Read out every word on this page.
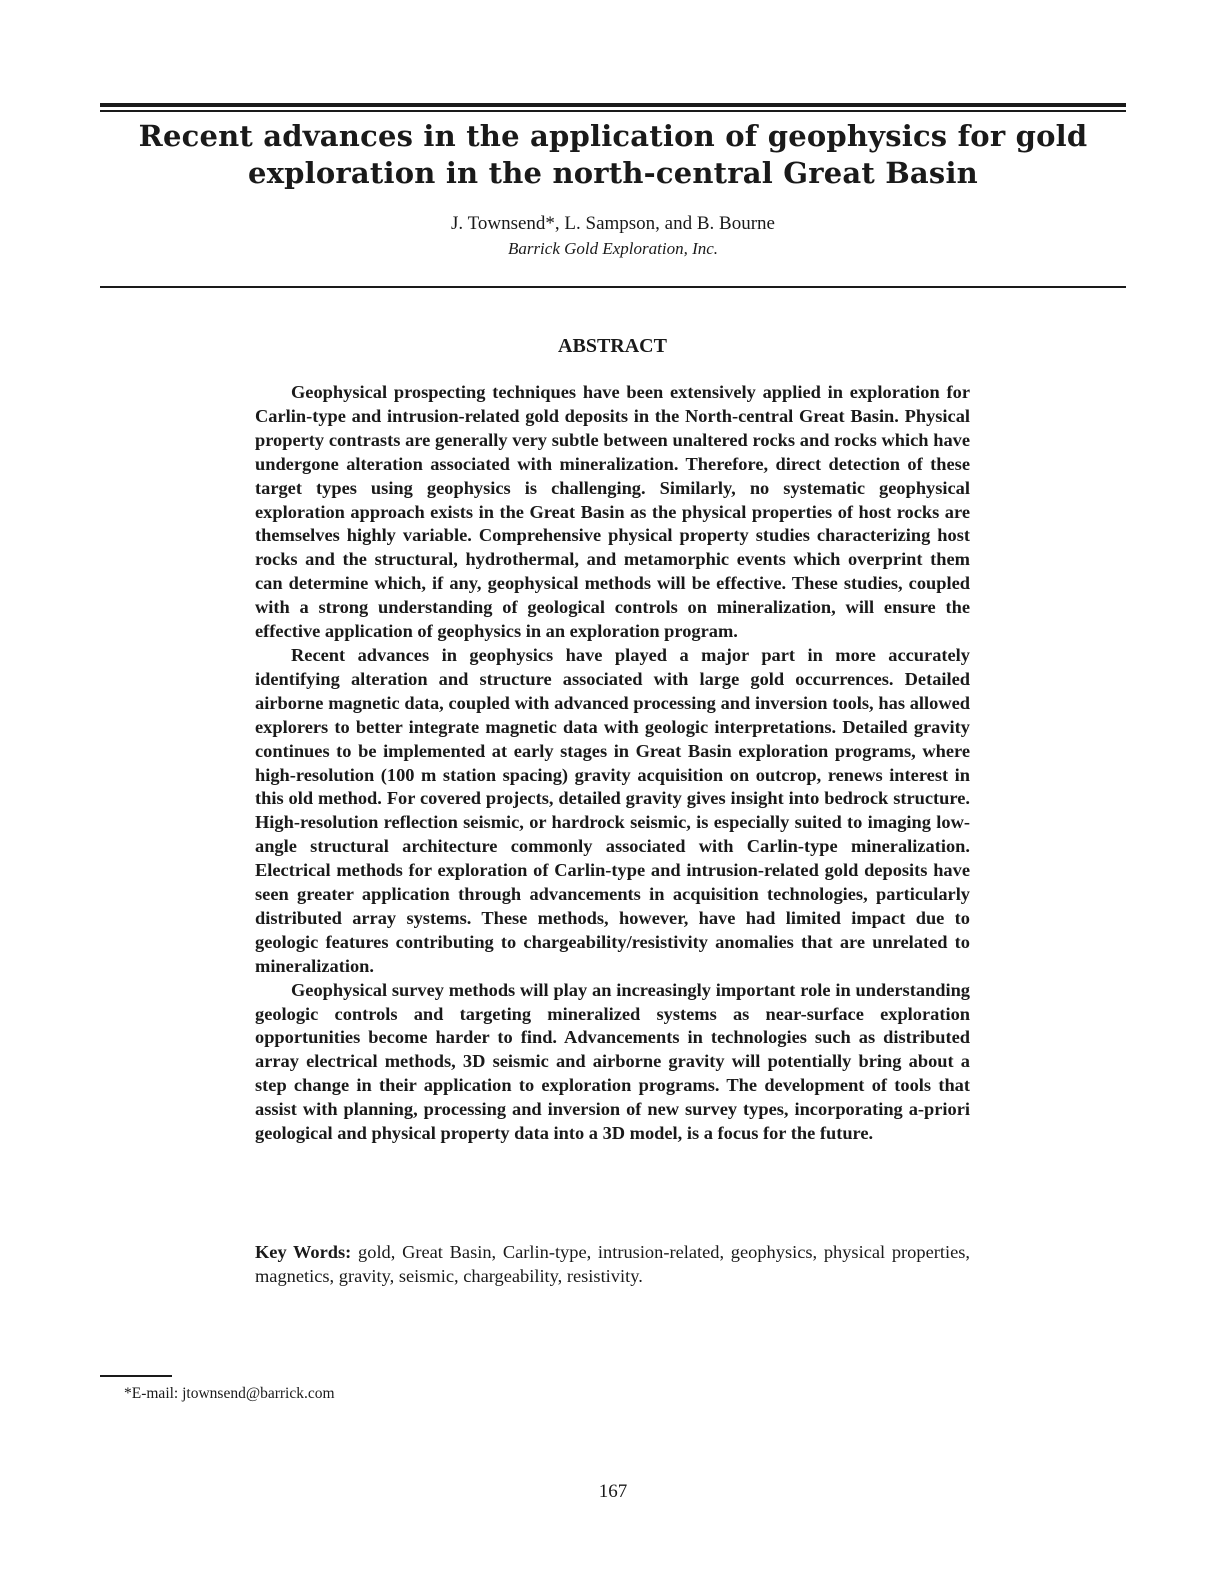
Recent advances in the application of geophysics for gold exploration in the north-central Great Basin
J. Townsend*, L. Sampson, and B. Bourne
Barrick Gold Exploration, Inc.
ABSTRACT

Geophysical prospecting techniques have been extensively applied in exploration for Carlin-type and intrusion-related gold deposits in the North-central Great Basin. Physical property contrasts are generally very subtle between unaltered rocks and rocks which have undergone alteration associated with mineralization. Therefore, direct detection of these target types using geophysics is challenging. Similarly, no systematic geophysical exploration approach exists in the Great Basin as the physical properties of host rocks are themselves highly variable. Comprehensive physical property studies characterizing host rocks and the structural, hydrothermal, and metamorphic events which overprint them can determine which, if any, geophysical methods will be effective. These studies, coupled with a strong understanding of geological controls on mineralization, will ensure the effective application of geophysics in an exploration program.

Recent advances in geophysics have played a major part in more accurately identifying alteration and structure associated with large gold occurrences. Detailed airborne magnetic data, coupled with advanced processing and inversion tools, has allowed explorers to better integrate magnetic data with geologic interpretations. Detailed gravity continues to be implemented at early stages in Great Basin exploration programs, where high-resolution (100 m station spacing) gravity acquisition on outcrop, renews interest in this old method. For covered projects, detailed gravity gives insight into bedrock structure. High-resolution reflection seismic, or hardrock seismic, is especially suited to imaging low-angle structural architecture commonly associated with Carlin-type mineralization. Electrical methods for exploration of Carlin-type and intrusion-related gold deposits have seen greater application through advancements in acquisition technologies, particularly distributed array systems. These methods, however, have had limited impact due to geologic features contributing to chargeability/resistivity anomalies that are unrelated to mineralization.

Geophysical survey methods will play an increasingly important role in understanding geologic controls and targeting mineralized systems as near-surface exploration opportunities become harder to find. Advancements in technologies such as distributed array electrical methods, 3D seismic and airborne gravity will potentially bring about a step change in their application to exploration programs. The development of tools that assist with planning, processing and inversion of new survey types, incorporating a-priori geological and physical property data into a 3D model, is a focus for the future.

Key Words: gold, Great Basin, Carlin-type, intrusion-related, geophysics, physical properties, magnetics, gravity, seismic, chargeability, resistivity.

*E-mail: jtownsend@barrick.com
167
